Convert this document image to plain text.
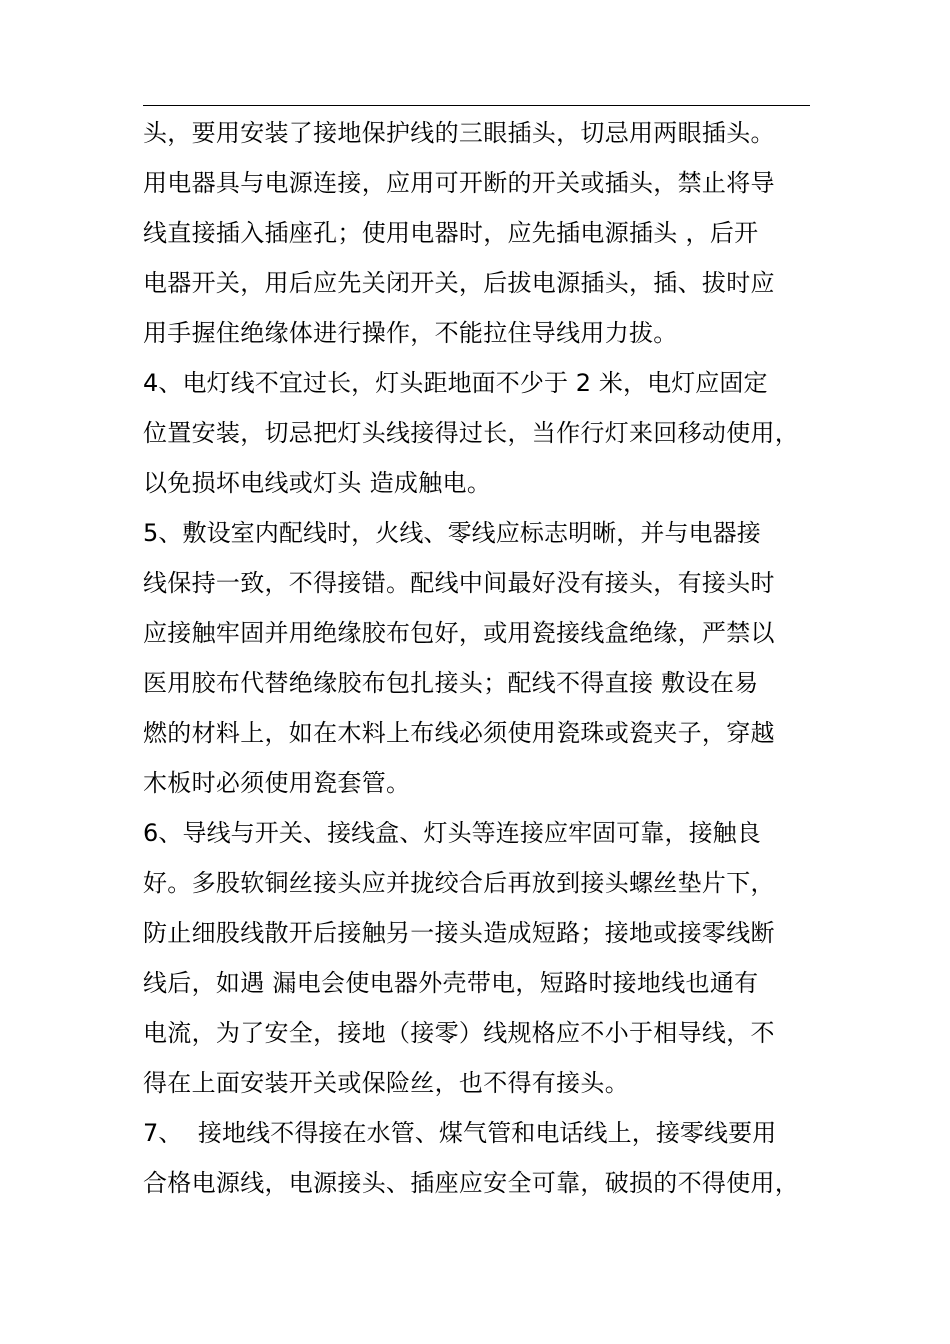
头，要用安装了接地保护线的三眼插头，切忌用两眼插头。
用电器具与电源连接，应用可开断的开关或插头，禁止将导
线直接插入插座孔；使用电器时，应先插电源插头 ，后开
电器开关，用后应先关闭开关，后拔电源插头，插、拔时应
用手握住绝缘体进行操作，不能拉住导线用力拔。
4、电灯线不宜过长，灯头距地面不少于 2 米，电灯应固定
位置安装，切忌把灯头线接得过长，当作行灯来回移动使用，
以免损坏电线或灯头 造成触电。
5、敷设室内配线时，火线、零线应标志明晰，并与电器接
线保持一致，不得接错。配线中间最好没有接头，有接头时
应接触牢固并用绝缘胶布包好，或用瓷接线盒绝缘，严禁以
医用胶布代替绝缘胶布包扎接头；配线不得直接 敷设在易
燃的材料上，如在木料上布线必须使用瓷珠或瓷夹子，穿越
木板时必须使用瓷套管。
6、导线与开关、接线盒、灯头等连接应牢固可靠，接触良
好。多股软铜丝接头应并拢绞合后再放到接头螺丝垫片下，
防止细股线散开后接触另一接头造成短路；接地或接零线断
线后，如遇 漏电会使电器外壳带电，短路时接地线也通有
电流，为了安全，接地（接零）线规格应不小于相导线，不
得在上面安装开关或保险丝，也不得有接头。
7、  接地线不得接在水管、煤气管和电话线上，接零线要用
合格电源线，电源接头、插座应安全可靠，破损的不得使用，
